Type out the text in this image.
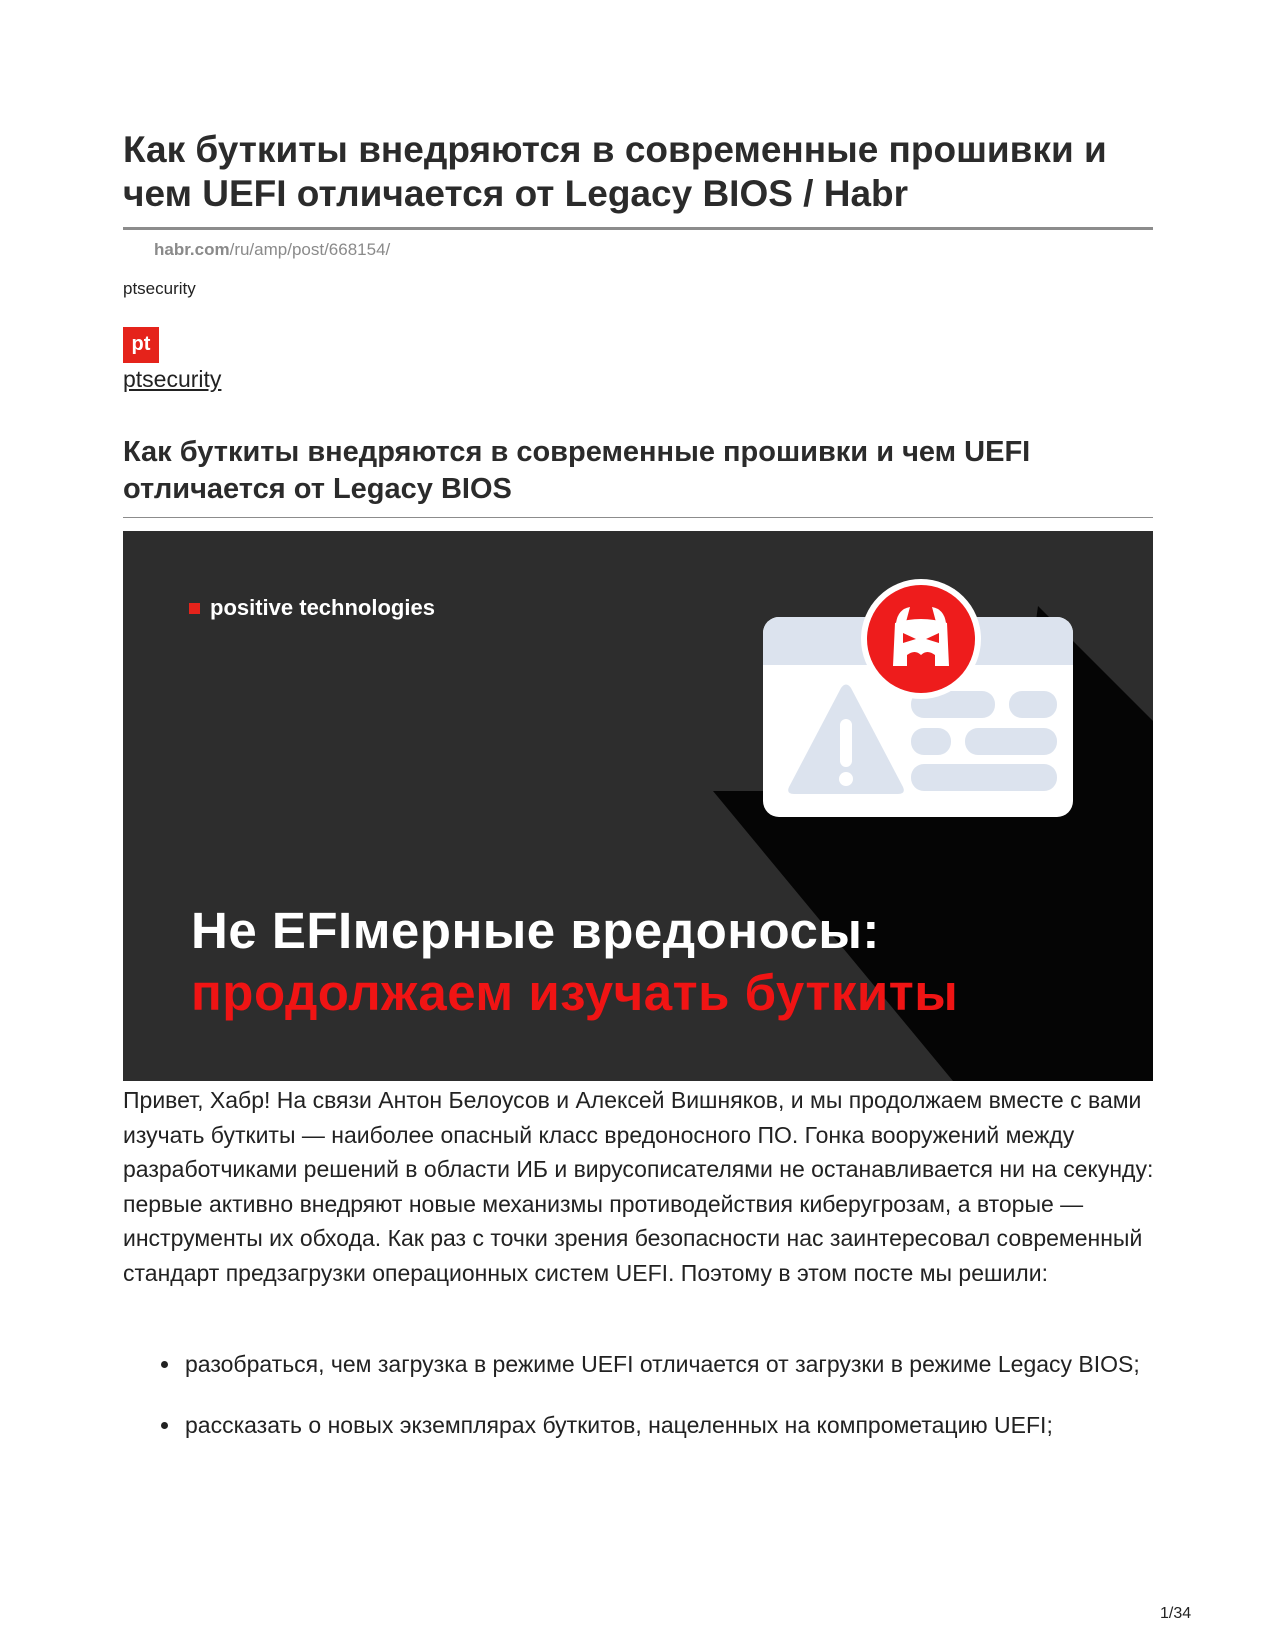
Как буткиты внедряются в современные прошивки и чем UEFI отличается от Legacy BIOS / Habr
habr.com/ru/amp/post/668154/
ptsecurity
pt
ptsecurity
Как буткиты внедряются в современные прошивки и чем UEFI отличается от Legacy BIOS
positive technologies
Не EFIмерные вредоносы:
продолжаем изучать буткиты

Привет, Хабр! На связи Антон Белоусов и Алексей Вишняков, и мы продолжаем вместе с вами изучать буткиты — наиболее опасный класс вредоносного ПО. Гонка вооружений между разработчиками решений в области ИБ и вирусописателями не останавливается ни на секунду: первые активно внедряют новые механизмы противодействия киберугрозам, а вторые — инструменты их обхода. Как раз с точки зрения безопасности нас заинтересовал современный стандарт предзагрузки операционных систем UEFI. Поэтому в этом посте мы решили:

разобраться, чем загрузка в режиме UEFI отличается от загрузки в режиме Legacy BIOS;
рассказать о новых экземплярах буткитов, нацеленных на компрометацию UEFI;
1/34
